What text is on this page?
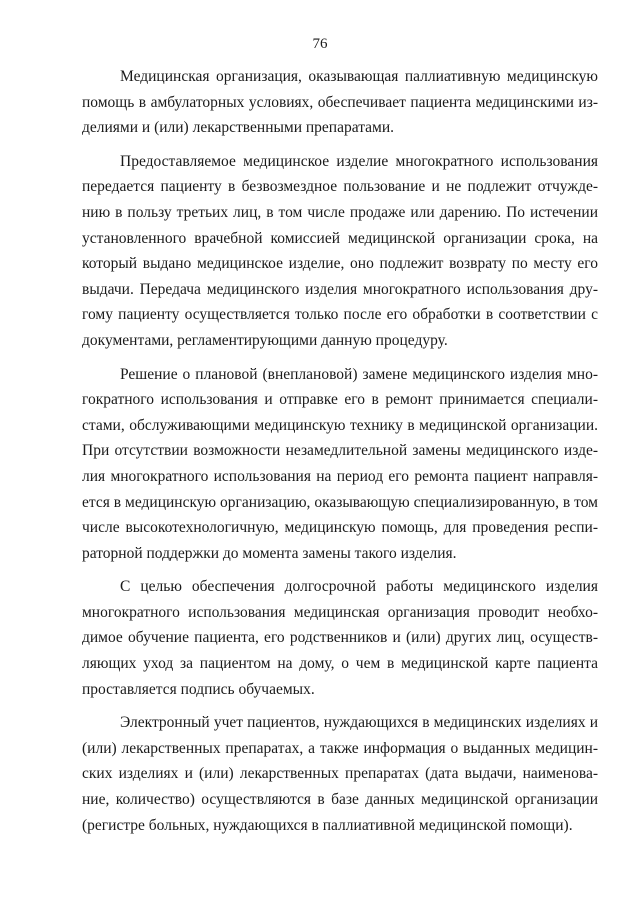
76
Медицинская организация, оказывающая паллиативную медицинскую
помощь в амбулаторных условиях, обеспечивает пациента медицинскими из-
делиями и (или) лекарственными препаратами.
Предоставляемое медицинское изделие многократного использования
передается пациенту в безвозмездное пользование и не подлежит отчужде-
нию в пользу третьих лиц, в том числе продаже или дарению. По истечении
установленного врачебной комиссией медицинской организации срока, на
который выдано медицинское изделие, оно подлежит возврату по месту его
выдачи. Передача медицинского изделия многократного использования дру-
гому пациенту осуществляется только после его обработки в соответствии с
документами, регламентирующими данную процедуру.
Решение о плановой (внеплановой) замене медицинского изделия мно-
гократного использования и отправке его в ремонт принимается специали-
стами, обслуживающими медицинскую технику в медицинской организации.
При отсутствии возможности незамедлительной замены медицинского изде-
лия многократного использования на период его ремонта пациент направля-
ется в медицинскую организацию, оказывающую специализированную, в том
числе высокотехнологичную, медицинскую помощь, для проведения респи-
раторной поддержки до момента замены такого изделия.
С целью обеспечения долгосрочной работы медицинского изделия
многократного использования медицинская организация проводит необхо-
димое обучение пациента, его родственников и (или) других лиц, осуществ-
ляющих уход за пациентом на дому, о чем в медицинской карте пациента
проставляется подпись обучаемых.
Электронный учет пациентов, нуждающихся в медицинских изделиях и
(или) лекарственных препаратах, а также информация о выданных медицин-
ских изделиях и (или) лекарственных препаратах (дата выдачи, наименова-
ние, количество) осуществляются в базе данных медицинской организации
(регистре больных, нуждающихся в паллиативной медицинской помощи).
